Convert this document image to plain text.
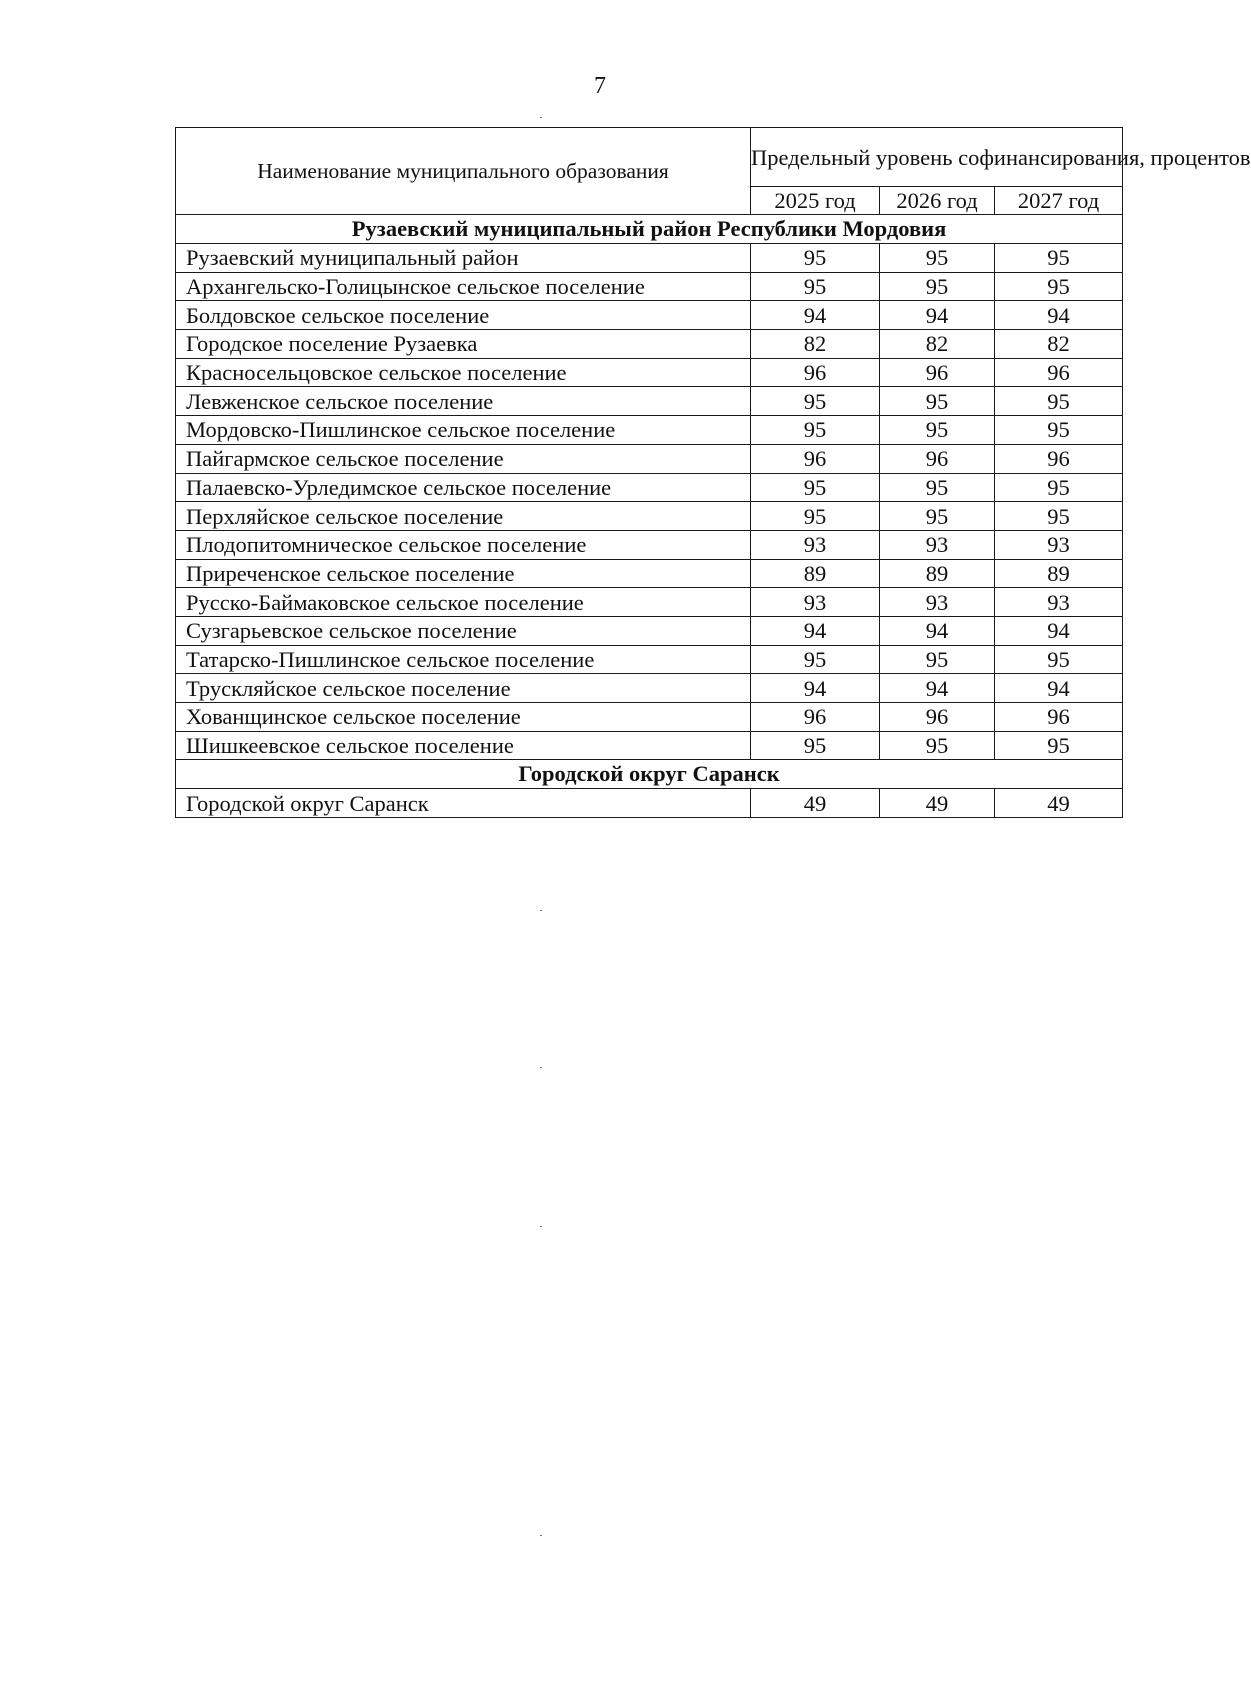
7
Наименование муниципального образования	Предельный уровень софинансирования, процентов		
	2025 год	2026 год	2027 год
Рузаевский муниципальный район Республики Мордовия			
Рузаевский муниципальный район	95	95	95
Архангельско-Голицынское сельское поселение	95	95	95
Болдовское сельское поселение	94	94	94
Городское поселение Рузаевка	82	82	82
Красносельцовское сельское поселение	96	96	96
Левженское сельское поселение	95	95	95
Мордовско-Пишлинское сельское поселение	95	95	95
Пайгармское сельское поселение	96	96	96
Палаевско-Урледимское сельское поселение	95	95	95
Перхляйское сельское поселение	95	95	95
Плодопитомническое сельское поселение	93	93	93
Приреченское сельское поселение	89	89	89
Русско-Баймаковское сельское поселение	93	93	93
Сузгарьевское сельское поселение	94	94	94
Татарско-Пишлинское сельское поселение	95	95	95
Трускляйское сельское поселение	94	94	94
Хованщинское сельское поселение	96	96	96
Шишкеевское сельское поселение	95	95	95
Городской округ Саранск			
Городской округ Саранск	49	49	49
